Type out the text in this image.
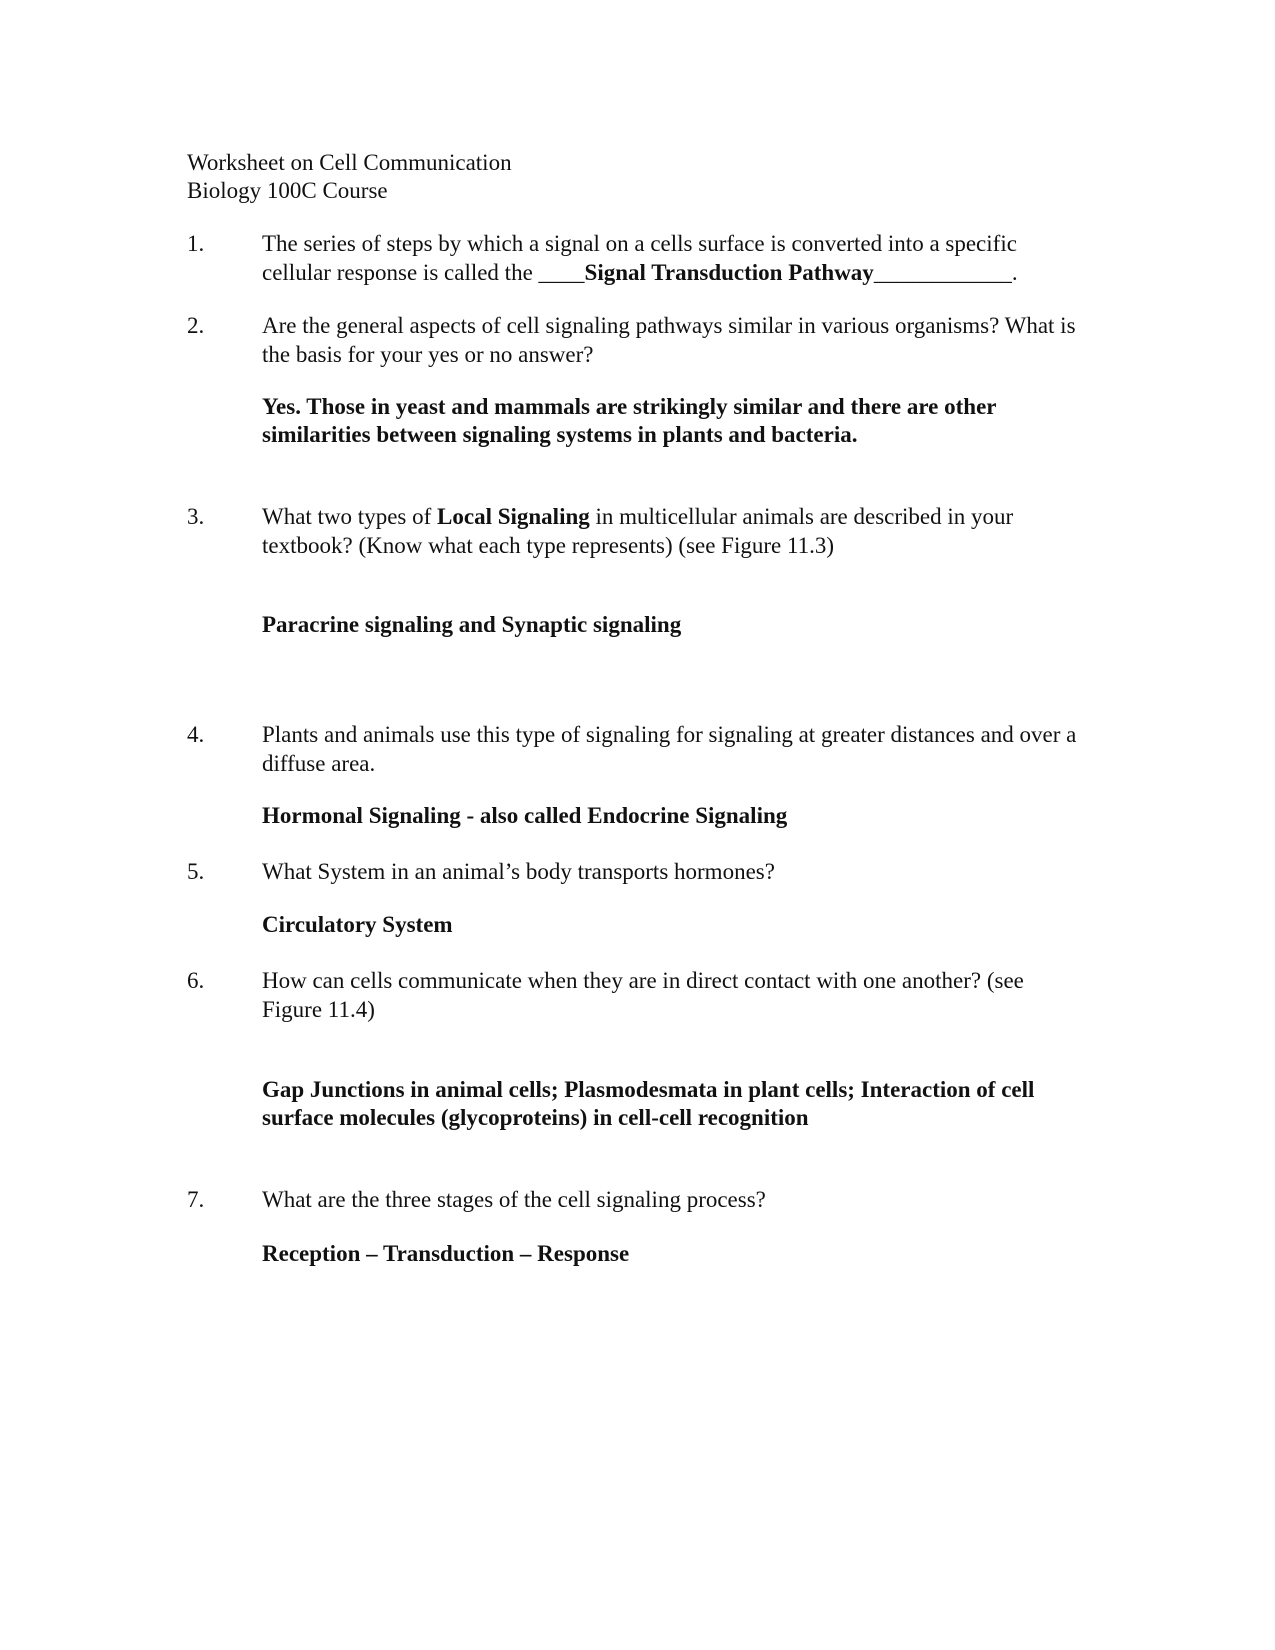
Worksheet on Cell Communication
Biology 100C Course
1.	The series of steps by which a signal on a cells surface is converted into a specific
cellular response is called the ____Signal Transduction Pathway____________.
2.	Are the general aspects of cell signaling pathways similar in various organisms? What is the basis for your yes or no answer?
Yes. Those in yeast and mammals are strikingly similar and there are other similarities between signaling systems in plants and bacteria.
3.	What two types of Local Signaling in multicellular animals are described in your textbook? (Know what each type represents) (see Figure 11.3)
Paracrine signaling and Synaptic signaling
4.	Plants and animals use this type of signaling for signaling at greater distances and over a diffuse area.
Hormonal Signaling - also called Endocrine Signaling
5.	What System in an animal’s body transports hormones?
Circulatory System
6.	How can cells communicate when they are in direct contact with one another? (see Figure 11.4)
Gap Junctions in animal cells; Plasmodesmata in plant cells; Interaction of cell surface molecules (glycoproteins) in cell-cell recognition
7.	What are the three stages of the cell signaling process?
Reception – Transduction – Response
